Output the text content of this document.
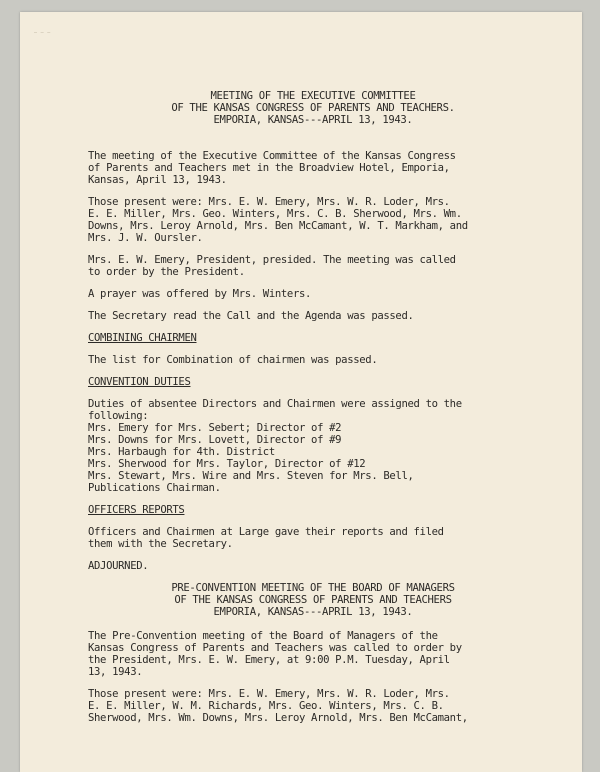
— — —
MEETING OF THE EXECUTIVE COMMITTEE
OF THE KANSAS CONGRESS OF PARENTS AND TEACHERS.
EMPORIA, KANSAS---APRIL 13, 1943.
The meeting of the Executive Committee of the Kansas Congress
of Parents and Teachers met in the Broadview Hotel, Emporia,
Kansas, April 13, 1943.
Those present were: Mrs. E. W. Emery, Mrs. W. R. Loder, Mrs.
E. E. Miller, Mrs. Geo. Winters, Mrs. C. B. Sherwood, Mrs. Wm.
Downs, Mrs. Leroy Arnold, Mrs. Ben McCamant, W. T. Markham, and
Mrs. J. W. Oursler.
Mrs. E. W. Emery, President, presided. The meeting was called
to order by the President.
A prayer was offered by Mrs. Winters.
The Secretary read the Call and the Agenda was passed.
COMBINING CHAIRMEN
The list for Combination of chairmen was passed.
CONVENTION DUTIES
Duties of absentee Directors and Chairmen were assigned to the
following:
Mrs. Emery for Mrs. Sebert; Director of #2
Mrs. Downs for Mrs. Lovett, Director of #9
Mrs. Harbaugh for 4th. District
Mrs. Sherwood for Mrs. Taylor, Director of #12
Mrs. Stewart, Mrs. Wire and Mrs. Steven for Mrs. Bell,
Publications Chairman.
OFFICERS REPORTS
Officers and Chairmen at Large gave their reports and filed
them with the Secretary.
ADJOURNED.
PRE-CONVENTION MEETING OF THE BOARD OF MANAGERS
OF THE KANSAS CONGRESS OF PARENTS AND TEACHERS
EMPORIA, KANSAS---APRIL 13, 1943.
The Pre-Convention meeting of the Board of Managers of the
Kansas Congress of Parents and Teachers was called to order by
the President, Mrs. E. W. Emery, at 9:00 P.M. Tuesday, April
13, 1943.
Those present were: Mrs. E. W. Emery, Mrs. W. R. Loder, Mrs.
E. E. Miller, W. M. Richards, Mrs. Geo. Winters, Mrs. C. B.
Sherwood, Mrs. Wm. Downs, Mrs. Leroy Arnold, Mrs. Ben McCamant,
